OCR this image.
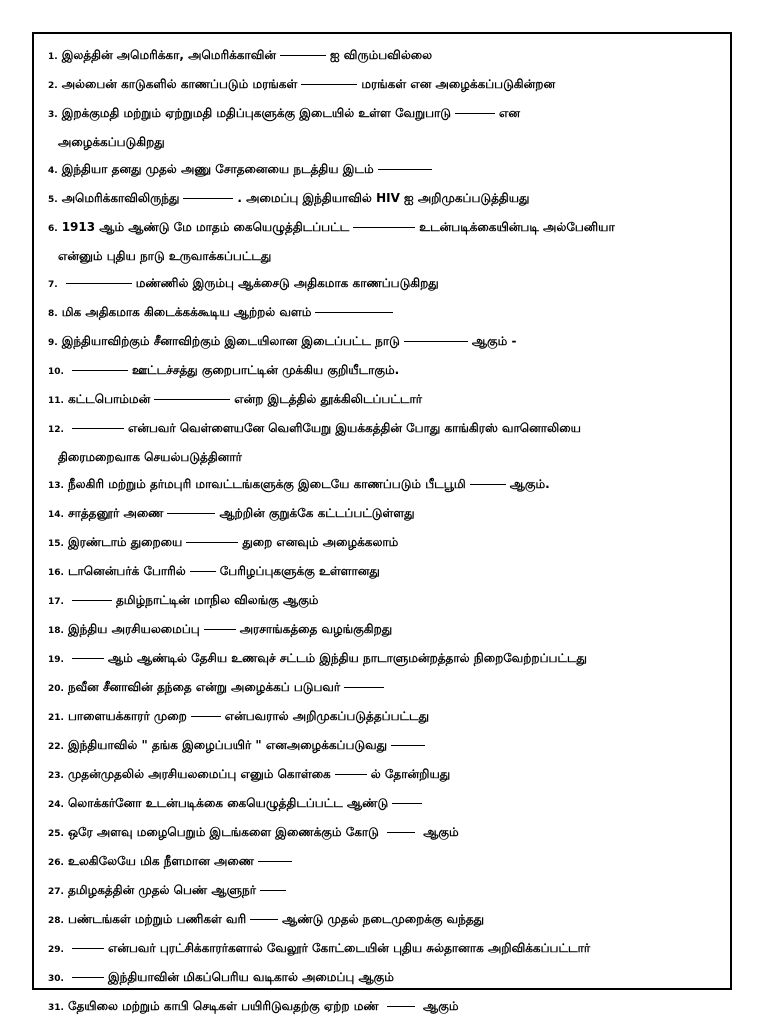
1. இலத்தின் அமெரிக்கா, அமெரிக்காவின்	ஐ விரும்பவில்லை
2. அல்பைன் காடுகளில் காணப்படும் மரங்கள்	மரங்கள் என அழைக்கப்படுகின்றன
3. இறக்குமதி மற்றும் ஏற்றுமதி மதிப்புகளுக்கு இடையில் உள்ள வேறுபாடு	என
அழைக்கப்படுகிறது
4. இந்தியா தனது முதல் அணு சோதனையை நடத்திய இடம்
5. அமெரிக்காவிலிருந்து	. அமைப்பு இந்தியாவில் HIV ஐ அறிமுகப்படுத்தியது
6. 1913 ஆம் ஆண்டு மே மாதம் கையெழுத்திடப்பட்ட	உடன்படிக்கையின்படி அல்பேனியா
என்னும் புதிய நாடு உருவாக்கப்பட்டது
7.	மண்ணில் இரும்பு ஆக்சைடு அதிகமாக காணப்படுகிறது
8. மிக அதிகமாக கிடைக்கக்கூடிய ஆற்றல் வளம்
9. இந்தியாவிற்கும் சீனாவிற்கும் இடையிலான இடைப்பட்ட நாடு	ஆகும் -
10.	ஊட்டச்சத்து குறைபாட்டின் முக்கிய குறியீடாகும்.
11. கட்டபொம்மன்	என்ற இடத்தில் தூக்கிலிடப்பட்டார்
12.	என்பவர் வெள்ளையனே வெளியேறு இயக்கத்தின் போது காங்கிரஸ் வானொலியை
திரைமறைவாக செயல்படுத்தினார்
13. நீலகிரி மற்றும் தர்மபுரி மாவட்டங்களுக்கு இடையே காணப்படும் பீடபூமி	ஆகும்.
14. சாத்தனூர் அணை	ஆற்றின் குறுக்கே கட்டப்பட்டுள்ளது
15. இரண்டாம் துறையை	துறை எனவும் அழைக்கலாம்
16. டானென்பர்க் போரில்	பேரிழப்புகளுக்கு உள்ளானது
17.	தமிழ்நாட்டின் மாநில விலங்கு ஆகும்
18. இந்திய அரசியலமைப்பு	அரசாங்கத்தை வழங்குகிறது
19.	ஆம் ஆண்டில் தேசிய உணவுச் சட்டம் இந்திய நாடாளுமன்றத்தால் நிறைவேற்றப்பட்டது
20. நவீன சீனாவின் தந்தை என்று அழைக்கப் படுபவர்
21. பாளையக்காரர் முறை	என்பவரால் அறிமுகப்படுத்தப்பட்டது
22. இந்தியாவில் " தங்க இழைப்பயிர் " எனஅழைக்கப்படுவது
23. முதன்முதலில் அரசியலமைப்பு எனும் கொள்கை	ல் தோன்றியது
24. லொக்கர்னோ உடன்படிக்கை கையெழுத்திடப்பட்ட ஆண்டு
25. ஒரே அளவு மழைபெறும் இடங்களை இணைக்கும் கோடு	ஆகும்
26. உலகிலேயே மிக நீளமான அணை
27. தமிழகத்தின் முதல் பெண் ஆளுநர்
28. பண்டங்கள் மற்றும் பணிகள் வரி	ஆண்டு முதல் நடைமுறைக்கு வந்தது
29.	என்பவர் புரட்சிக்காரர்களால் வேலூர் கோட்டையின் புதிய சுல்தானாக அறிவிக்கப்பட்டார்
30.	இந்தியாவின் மிகப்பெரிய வடிகால் அமைப்பு ஆகும்
31. தேயிலை மற்றும் காபி செடிகள் பயிரிடுவதற்கு ஏற்ற மண்	ஆகும்
